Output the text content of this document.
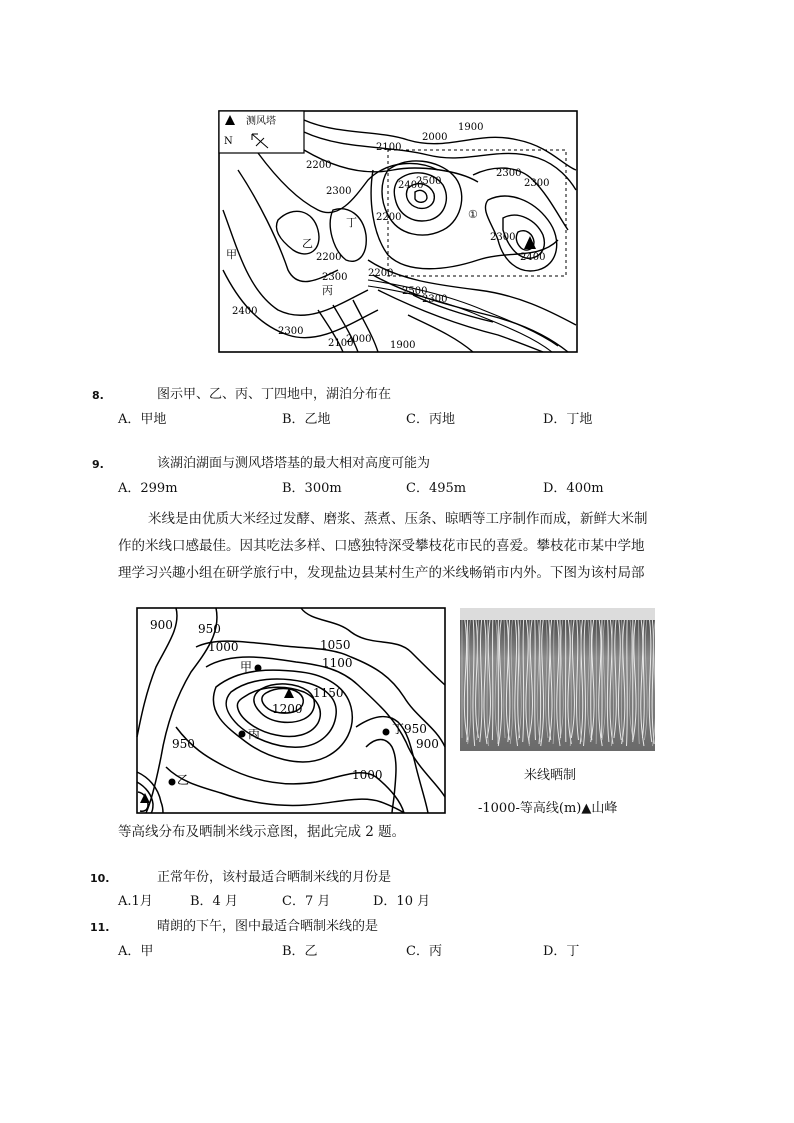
测风塔
N
甲
乙
丙
丁
①
1900
2000
2100
2200
2300
2400
2500
2300
2300
2400
2300
2200
2300 2200
2200
2400
2300
2100
2000
1900
2300
2500
8.	图示甲、乙、丙、丁四地中，湖泊分布在
A．甲地	B．乙地	C．丙地	D．丁地
9.	该湖泊湖面与测风塔塔基的最大相对高度可能为
A．299m	B．300m	C．495m	D．400m
米线是由优质大米经过发酵、磨浆、蒸煮、压条、晾晒等工序制作而成，新鲜大米制
作的米线口感最佳。因其吃法多样、口感独特深受攀枝花市民的喜爱。攀枝花市某中学地
理学习兴趣小组在研学旅行中，发现盐边县某村生产的米线畅销市内外。下图为该村局部
900 950
1000	1050
1100
1150
1200
950	900
1000
甲
丙	丁950
乙	米线晒制
-1000-等高线(m)▲山峰
等高线分布及晒制米线示意图，据此完成 2 题。
10.	正常年份，该村最适合晒制米线的月份是
A.1月	B．4 月	C．7 月	D．10 月
11.	晴朗的下午，图中最适合晒制米线的是
A．甲	B．乙	C．丙	D．丁
